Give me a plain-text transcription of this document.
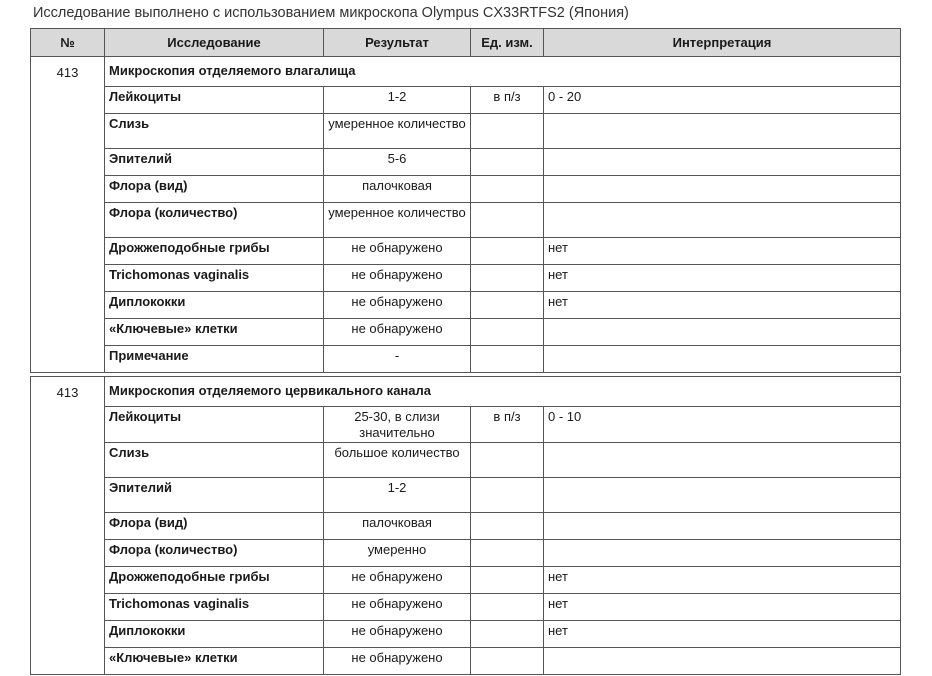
Исследование выполнено с использованием микроскопа Olympus CX33RTFS2 (Япония)
№	Исследование	Результат	Ед. изм.	Интерпретация
413	Микроскопия отделяемого влагалища			
	Лейкоциты	1-2	в п/з	0 - 20
	Слизь	умеренное количество		
	Эпителий	5-6		
	Флора (вид)	палочковая		
	Флора (количество)	умеренное количество		
	Дрожжеподобные грибы	не обнаружено		нет
	Trichomonas vaginalis	не обнаружено		нет
	Диплококки	не обнаружено		нет
	«Ключевые» клетки	не обнаружено		
	Примечание	-		

413	Микроскопия отделяемого цервикального канала			
	Лейкоциты	25-30, в слизи значительно	в п/з	0 - 10
	Слизь	большое количество		
	Эпителий	1-2		
	Флора (вид)	палочковая		
	Флора (количество)	умеренно		
	Дрожжеподобные грибы	не обнаружено		нет
	Trichomonas vaginalis	не обнаружено		нет
	Диплококки	не обнаружено		нет
	«Ключевые» клетки	не обнаружено		
